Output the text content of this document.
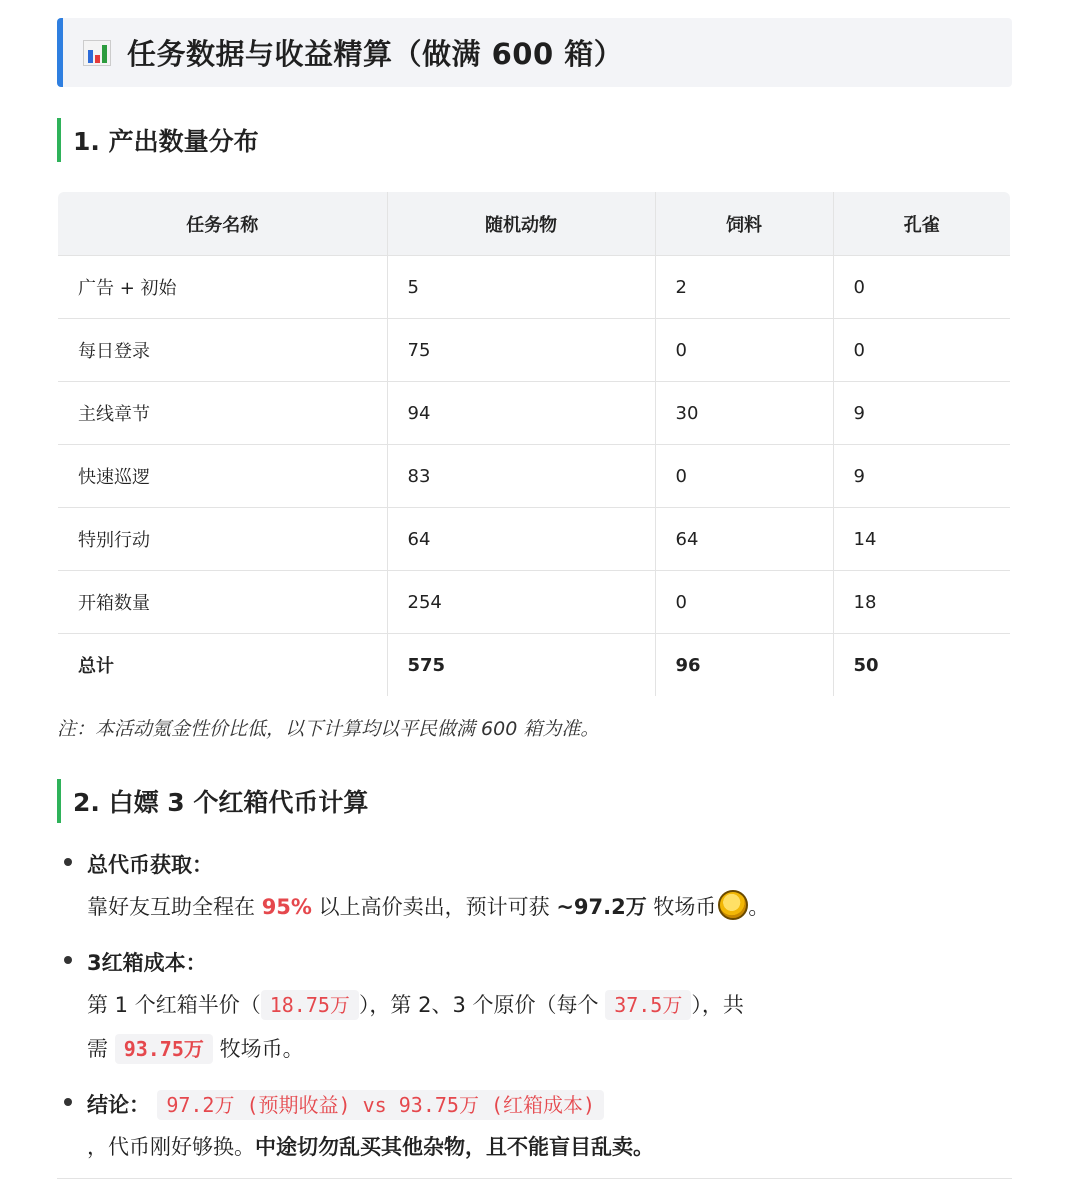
任务数据与收益精算（做满 600 箱）
1. 产出数量分布
任务名称	随机动物	饲料	孔雀
广告 + 初始	5	2	0
每日登录	75	0	0
主线章节	94	30	9
快速巡逻	83	0	9
特别行动	64	64	14
开箱数量	254	0	18
总计	575	96	50
注：本活动氪金性价比低，以下计算均以平民做满 600 箱为准。
2. 白嫖 3 个红箱代币计算
总代币获取：
靠好友互助全程在 95% 以上高价卖出，预计可获 ~97.2万 牧场币 。
3红箱成本：
第 1 个红箱半价（ 18.75万 ），第 2、3 个原价（每个 37.5万 ），共
需 93.75万 牧场币。
结论： 97.2万 (预期收益) vs 93.75万 (红箱成本)
，代币刚好够换。中途切勿乱买其他杂物，且不能盲目乱卖。
